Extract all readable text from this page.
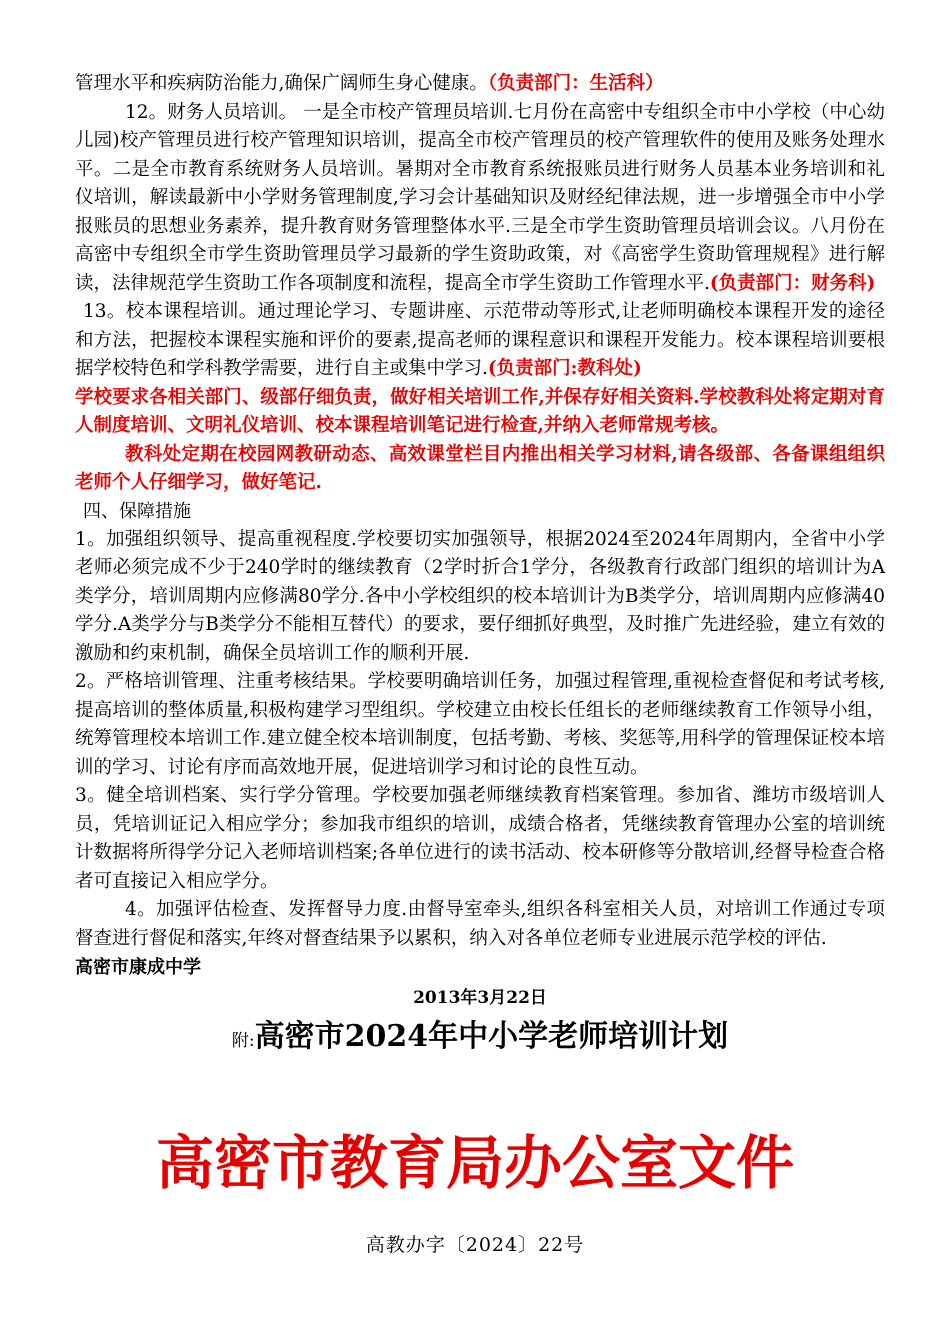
管理水平和疾病防治能力,确保广阔师生身心健康。（负责部门：生活科）

12。财务人员培训。 一是全市校产管理员培训.七月份在高密中专组织全市中小学校（中心幼儿园)校产管理员进行校产管理知识培训，提高全市校产管理员的校产管理软件的使用及账务处理水平。二是全市教育系统财务人员培训。暑期对全市教育系统报账员进行财务人员基本业务培训和礼仪培训，解读最新中小学财务管理制度,学习会计基础知识及财经纪律法规，进一步增强全市中小学报账员的思想业务素养，提升教育财务管理整体水平.三是全市学生资助管理员培训会议。八月份在高密中专组织全市学生资助管理员学习最新的学生资助政策，对《高密学生资助管理规程》进行解读，法律规范学生资助工作各项制度和流程，提高全市学生资助工作管理水平.(负责部门：财务科)

13。校本课程培训。通过理论学习、专题讲座、示范带动等形式,让老师明确校本课程开发的途径和方法，把握校本课程实施和评价的要素,提高老师的课程意识和课程开发能力。校本课程培训要根据学校特色和学科教学需要，进行自主或集中学习.(负责部门:教科处)

学校要求各相关部门、级部仔细负责，做好相关培训工作,并保存好相关资料.学校教科处将定期对育人制度培训、文明礼仪培训、校本课程培训笔记进行检查,并纳入老师常规考核。

教科处定期在校园网教研动态、高效课堂栏目内推出相关学习材料,请各级部、各备课组组织老师个人仔细学习，做好笔记.

四、保障措施

1。加强组织领导、提高重视程度.学校要切实加强领导，根据2024至2024年周期内，全省中小学老师必须完成不少于240学时的继续教育（2学时折合1学分，各级教育行政部门组织的培训计为A类学分，培训周期内应修满80学分.各中小学校组织的校本培训计为B类学分，培训周期内应修满40学分.A类学分与B类学分不能相互替代）的要求，要仔细抓好典型，及时推广先进经验，建立有效的激励和约束机制，确保全员培训工作的顺利开展.

2。严格培训管理、注重考核结果。学校要明确培训任务，加强过程管理,重视检查督促和考试考核,提高培训的整体质量,积极构建学习型组织。学校建立由校长任组长的老师继续教育工作领导小组，统筹管理校本培训工作.建立健全校本培训制度，包括考勤、考核、奖惩等,用科学的管理保证校本培训的学习、讨论有序而高效地开展，促进培训学习和讨论的良性互动。

3。健全培训档案、实行学分管理。学校要加强老师继续教育档案管理。参加省、潍坊市级培训人员，凭培训证记入相应学分；参加我市组织的培训，成绩合格者，凭继续教育管理办公室的培训统计数据将所得学分记入老师培训档案;各单位进行的读书活动、校本研修等分散培训,经督导检查合格者可直接记入相应学分。

4。加强评估检查、发挥督导力度.由督导室牵头,组织各科室相关人员，对培训工作通过专项督查进行督促和落实,年终对督查结果予以累积，纳入对各单位老师专业进展示范学校的评估.

高密市康成中学

2013年3月22日

附:高密市2024年中小学老师培训计划

高密市教育局办公室文件
高教办字〔2024〕22号
